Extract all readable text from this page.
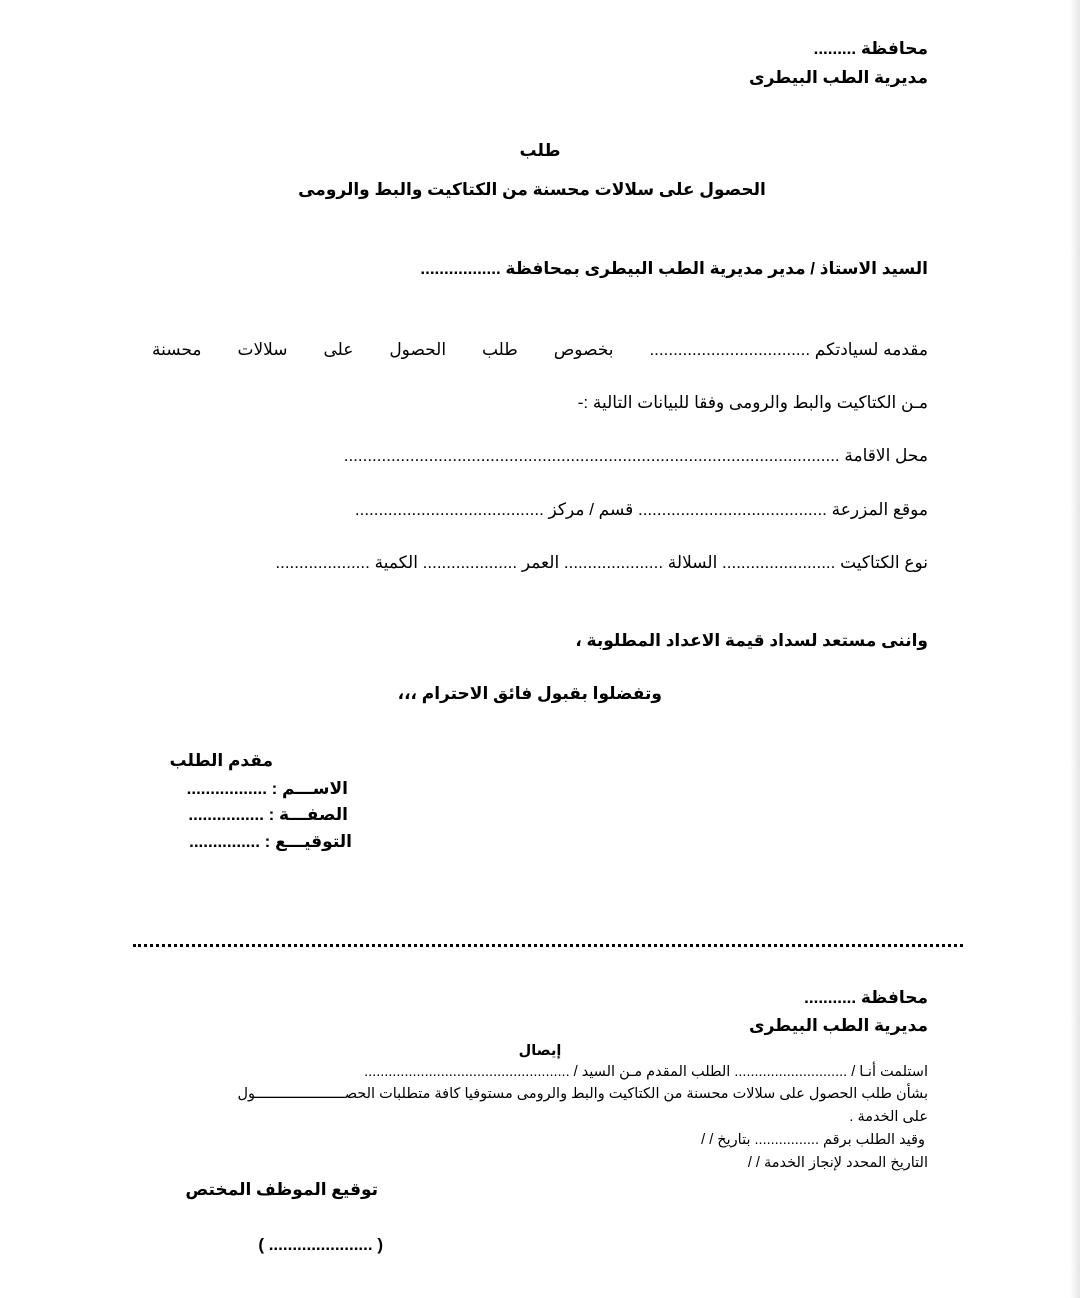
محافظة .........
مديرية الطب البيطرى
طلب
الحصول على سلالات محسنة من الكتاكيت والبط والرومى
السيد الاستاذ / مدير مديرية الطب البيطرى بمحافظة .................
مقدمه لسيادتكم ..................................
بخصوص
طلب
الحصول
على
سلالات
محسنة
مـن الكتاكيت والبط والرومى وفقا للبيانات التالية :-
محل الاقامة .........................................................................................................
موقع المزرعة ........................................ قسم / مركز ........................................
نوع الكتاكيت ........................ السلالة ..................... العمر .................... الكمية ....................
واننى مستعد لسداد قيمة الاعداد المطلوبة ،
وتفضلوا بقبول فائق الاحترام ،،،
مقدم الطلب
الاســـم : .................
الصفـــة : ................
التوقيـــع : ...............
محافظة ...........
مديرية الطب البيطرى
إيصال
استلمت أنـا / ............................ الطلب المقدم مـن السيد / ...................................................
بشأن طلب الحصول على سلالات محسنة من الكتاكيت والبط والرومى مستوفيا كافة متطلبات الحصـــــــــــــــــــــول
على الخدمة .
وقيد الطلب برقم ................ بتاريخ / /
التاريخ المحدد لإنجاز الخدمة / /
توقيع الموظف المختص
( ...................... )
